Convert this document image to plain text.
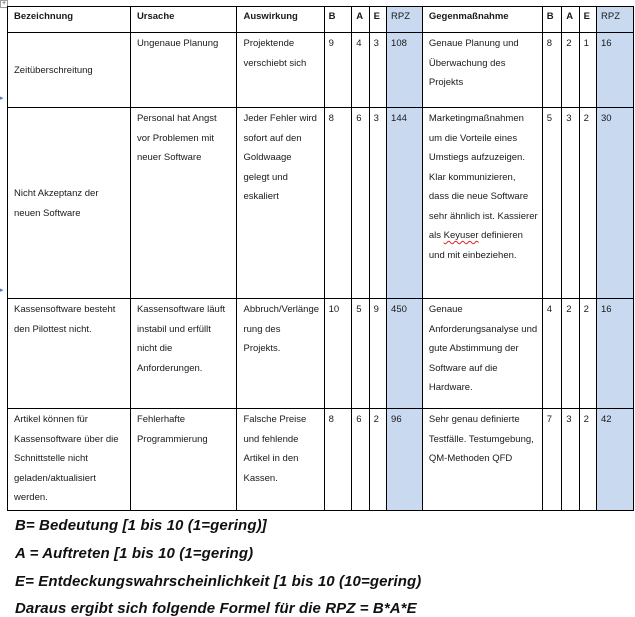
+
▸
▸
Bezeichnung	Ursache	Auswirkung	B	A	E	RPZ	Gegenmaßnahme	B	A	E	RPZ
Zeitüberschreitung	Ungenaue Planung	Projektende verschiebt sich	9	4	3	108	Genaue Planung und Überwachung des Projekts	8	2	1	16
Nicht Akzeptanz der neuen Software	Personal hat Angst vor Problemen mit neuer Software	Jeder Fehler wird sofort auf den Goldwaage gelegt und eskaliert	8	6	3	144	Marketingmaßnahmen um die Vorteile eines Umstiegs aufzuzeigen. Klar kommunizieren, dass die neue Software sehr ähnlich ist. Kassierer als Keyuser definieren und mit einbeziehen.	5	3	2	30
Kassensoftware besteht den Pilottest nicht.	Kassensoftware läuft instabil und erfüllt nicht die Anforderungen.	Abbruch/Verlängerung des Projekts.	10	5	9	450	Genaue Anforderungsanalyse und gute Abstimmung der Software auf die Hardware.	4	2	2	16
Artikel können für Kassensoftware über die Schnittstelle nicht geladen/aktualisiert werden.	Fehlerhafte Programmierung	Falsche Preise und fehlende Artikel in den Kassen.	8	6	2	96	Sehr genau definierte Testfälle. Testumgebung, QM-Methoden QFD	7	3	2	42

B= Bedeutung [1 bis 10 (1=gering)]

A = Auftreten [1 bis 10 (1=gering)

E= Entdeckungswahrscheinlichkeit [1 bis 10 (10=gering)

Daraus ergibt sich folgende Formel für die RPZ = B*A*E
